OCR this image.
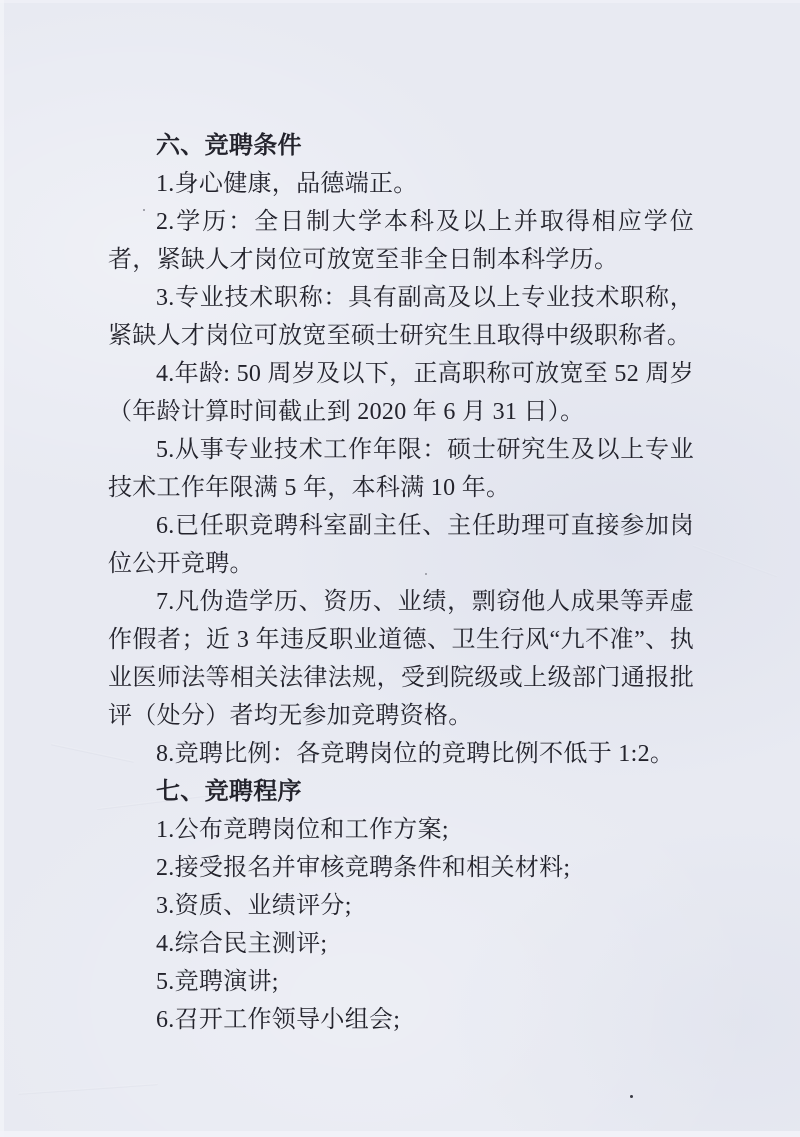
六、竞聘条件

1.身心健康，品德端正。

2.学历：全日制大学本科及以上并取得相应学位者，紧缺人才岗位可放宽至非全日制本科学历。

3.专业技术职称：具有副高及以上专业技术职称，紧缺人才岗位可放宽至硕士研究生且取得中级职称者。

4.年龄: 50 周岁及以下，正高职称可放宽至 52 周岁（年龄计算时间截止到 2020 年 6 月 31 日）。

5.从事专业技术工作年限：硕士研究生及以上专业技术工作年限满 5 年，本科满 10 年。

6.已任职竞聘科室副主任、主任助理可直接参加岗位公开竞聘。

7.凡伪造学历、资历、业绩，剽窃他人成果等弄虚作假者；近 3 年违反职业道德、卫生行风“九不准”、执业医师法等相关法律法规，受到院级或上级部门通报批评（处分）者均无参加竞聘资格。

8.竞聘比例：各竞聘岗位的竞聘比例不低于 1:2。

七、竞聘程序

1.公布竞聘岗位和工作方案;

2.接受报名并审核竞聘条件和相关材料;

3.资质、业绩评分;

4.综合民主测评;

5.竞聘演讲;

6.召开工作领导小组会;
